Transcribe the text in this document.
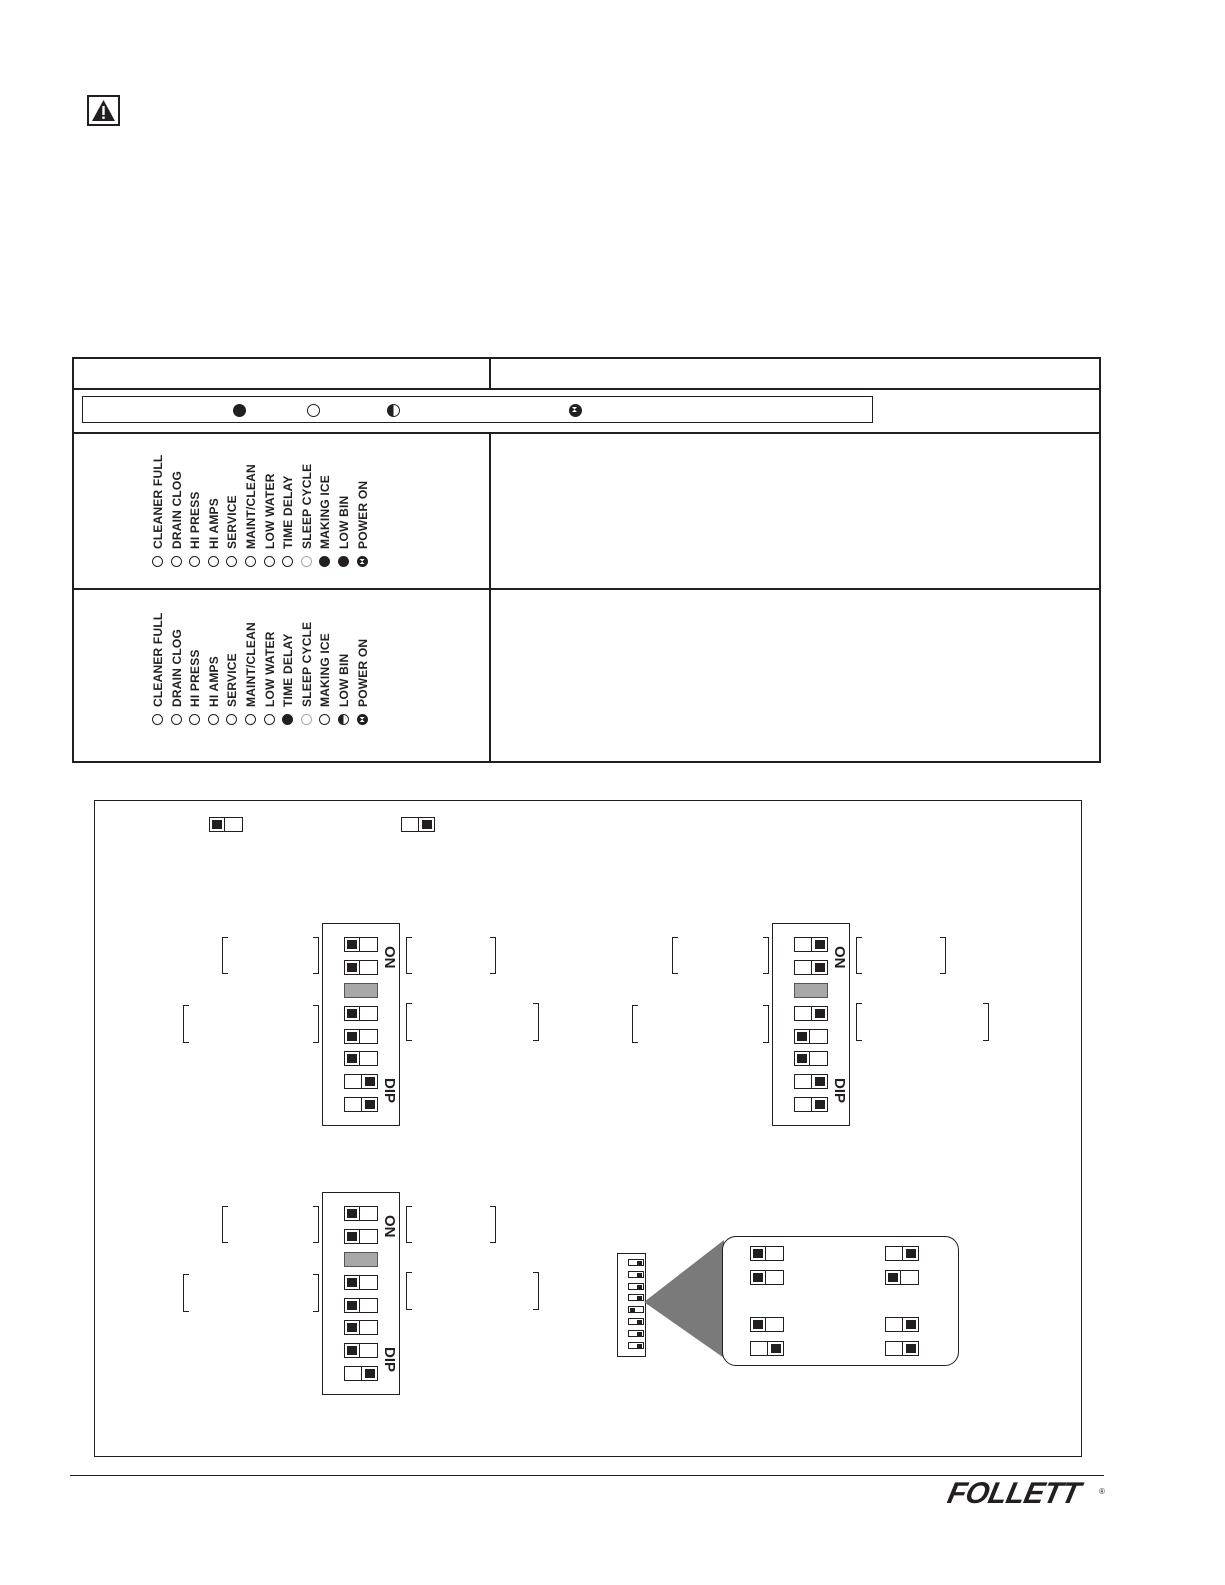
CLEANER FULL DRAIN CLOG HI PRESS HI AMPS SERVICE MAINT/CLEAN LOW WATER TIME DELAY SLEEP CYCLE MAKING ICE LOW BIN POWER ON
CLEANER FULL DRAIN CLOG HI PRESS HI AMPS SERVICE MAINT/CLEAN LOW WATER TIME DELAY SLEEP CYCLE MAKING ICE LOW BIN POWER ON
ON
DIP
ON
DIP
ON
DIP
FOLLETT ®
